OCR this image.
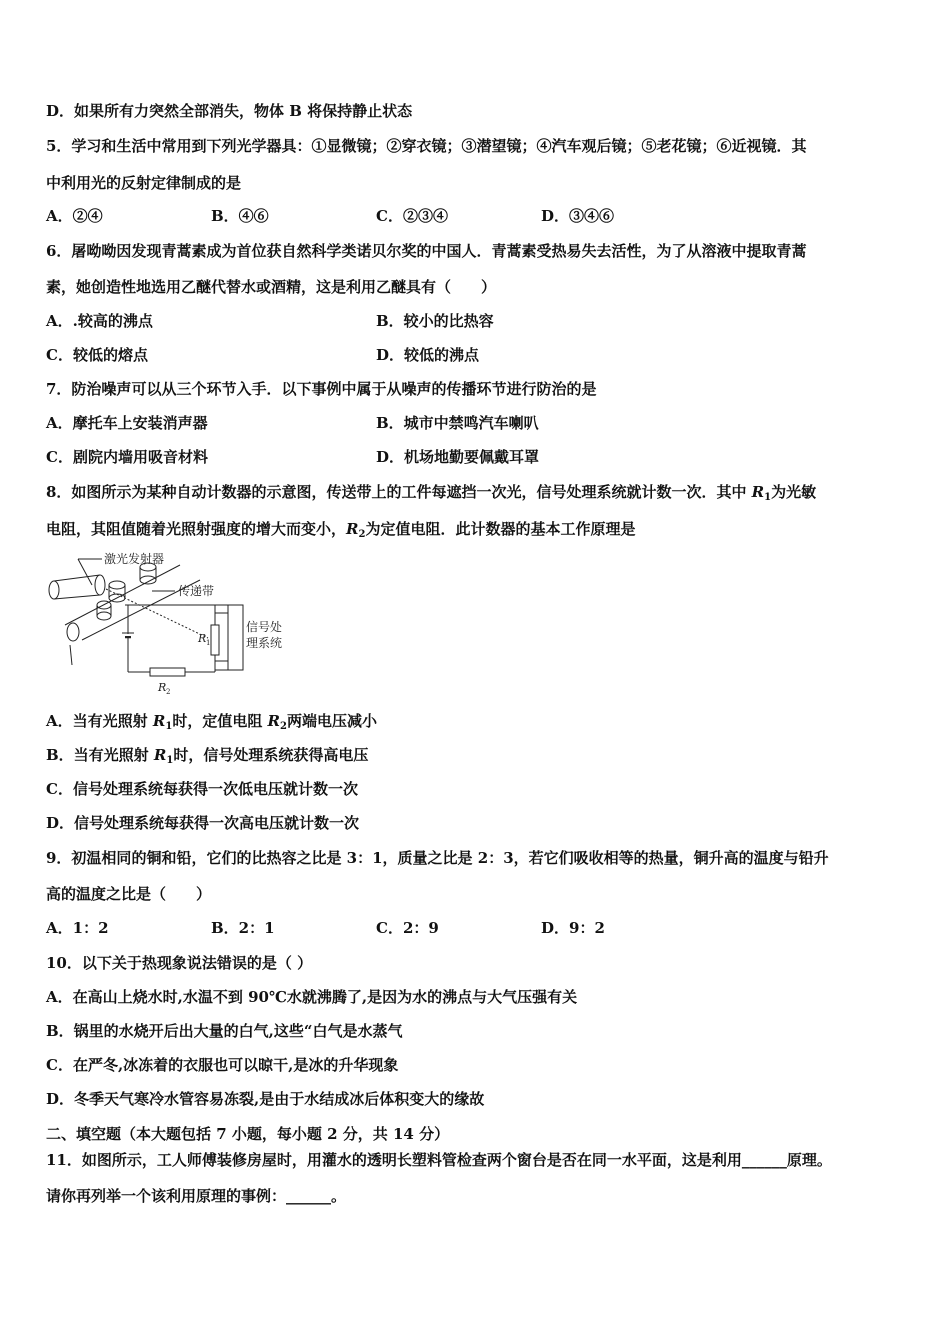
D．如果所有力突然全部消失，物体 B 将保持静止状态
5．学习和生活中常用到下列光学器具：①显微镜；②穿衣镜；③潜望镜；④汽车观后镜；⑤老花镜；⑥近视镜．其
中利用光的反射定律制成的是
A．②④	B．④⑥	C．②③④	D．③④⑥
6．屠呦呦因发现青蒿素成为首位获自然科学类诺贝尔奖的中国人．青蒿素受热易失去活性，为了从溶液中提取青蒿
素，她创造性地选用乙醚代替水或酒精，这是利用乙醚具有（　　）
A．.较高的沸点	B．较小的比热容
C．较低的熔点	D．较低的沸点
7．防治噪声可以从三个环节入手．以下事例中属于从噪声的传播环节进行防治的是
A．摩托车上安装消声器	B．城市中禁鸣汽车喇叭
C．剧院内墙用吸音材料	D．机场地勤要佩戴耳罩
8．如图所示为某种自动计数器的示意图，传送带上的工件每遮挡一次光，信号处理系统就计数一次．其中 $R_1$为光敏
电阻，其阻值随着光照射强度的增大而变小，$R_2$为定值电阻．此计数器的基本工作原理是
激光发射器
传递带
信号处
理系统
R 1
R 2
A．当有光照射 $R_1$时，定值电阻 $R_2$两端电压减小
B．当有光照射 $R_1$时，信号处理系统获得高电压
C．信号处理系统每获得一次低电压就计数一次
D．信号处理系统每获得一次高电压就计数一次
9．初温相同的铜和铅，它们的比热容之比是 3：1，质量之比是 2：3，若它们吸收相等的热量，铜升高的温度与铅升
高的温度之比是（　　）
A．1：2	B．2：1	C．2：9	D．9：2
10．以下关于热现象说法错误的是（ ）
A．在高山上烧水时,水温不到 90℃水就沸腾了,是因为水的沸点与大气压强有关
B．锅里的水烧开后出大量的白气,这些“白气是水蒸气
C．在严冬,冰冻着的衣服也可以晾干,是冰的升华现象
D．冬季天气寒冷水管容易冻裂,是由于水结成冰后体积变大的缘故
二、填空题（本大题包括 7 小题，每小题 2 分，共 14 分）
11．如图所示，工人师傅装修房屋时，用灌水的透明长塑料管检查两个窗台是否在同一水平面，这是利用______原理。
请你再列举一个该利用原理的事例：______。
